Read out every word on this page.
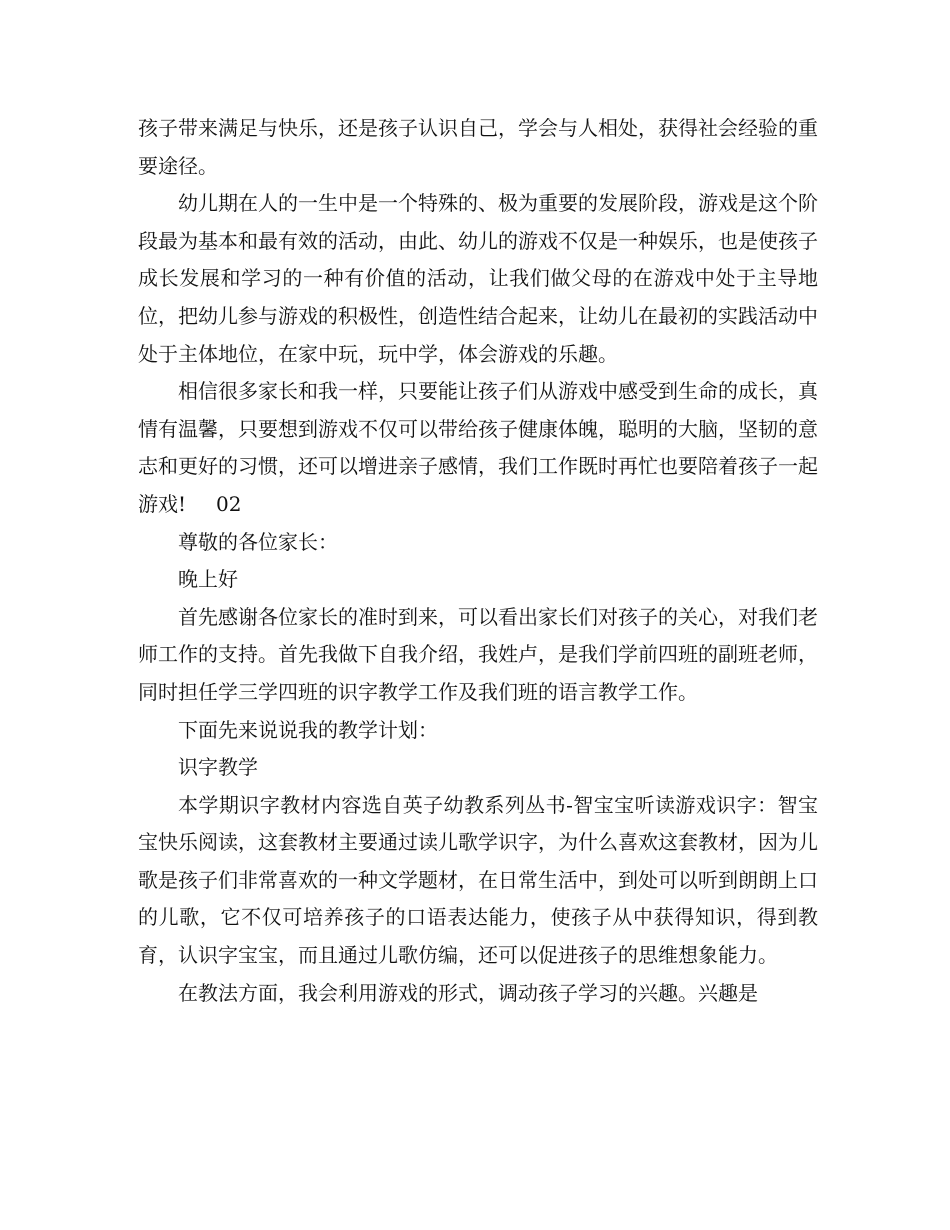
孩子带来满足与快乐，还是孩子认识自己，学会与人相处，获得社会经验的重要途径。

幼儿期在人的一生中是一个特殊的、极为重要的发展阶段，游戏是这个阶段最为基本和最有效的活动，由此、幼儿的游戏不仅是一种娱乐，也是使孩子成长发展和学习的一种有价值的活动，让我们做父母的在游戏中处于主导地位，把幼儿参与游戏的积极性，创造性结合起来，让幼儿在最初的实践活动中处于主体地位，在家中玩，玩中学，体会游戏的乐趣。

相信很多家长和我一样，只要能让孩子们从游戏中感受到生命的成长，真情有温馨，只要想到游戏不仅可以带给孩子健康体魄，聪明的大脑，坚韧的意志和更好的习惯，还可以增进亲子感情，我们工作既时再忙也要陪着孩子一起游戏! 02

尊敬的各位家长：

晚上好

首先感谢各位家长的准时到来，可以看出家长们对孩子的关心，对我们老师工作的支持。首先我做下自我介绍，我姓卢，是我们学前四班的副班老师，同时担任学三学四班的识字教学工作及我们班的语言教学工作。

下面先来说说我的教学计划：

识字教学

本学期识字教材内容选自英子幼教系列丛书-智宝宝听读游戏识字：智宝宝快乐阅读，这套教材主要通过读儿歌学识字，为什么喜欢这套教材，因为儿歌是孩子们非常喜欢的一种文学题材，在日常生活中，到处可以听到朗朗上口的儿歌，它不仅可培养孩子的口语表达能力，使孩子从中获得知识，得到教育，认识字宝宝，而且通过儿歌仿编，还可以促进孩子的思维想象能力。

在教法方面，我会利用游戏的形式，调动孩子学习的兴趣。兴趣是
